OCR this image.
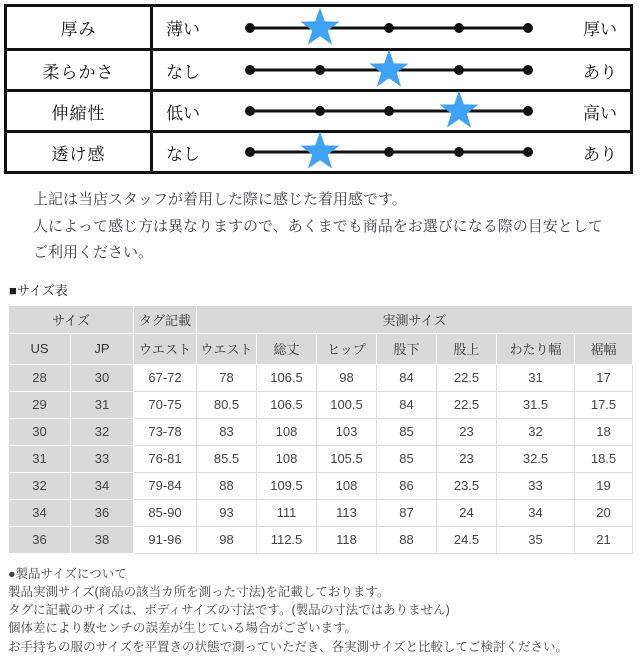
厚み	薄い	厚い
柔らかさ	なし	あり
伸縮性	低い	高い
透け感	なし	あり
上記は当店スタッフが着用した際に感じた着用感です。
人によって感じ方は異なりますので、あくまでも商品をお選びになる際の目安として
ご利用ください。
■サイズ表
サイズ		タグ記載	実測サイズ						
US	JP	ウエスト	ウエスト	総丈	ヒップ	股下	股上	わたり幅	裾幅
28	30	67-72	78	106.5	98	84	22.5	31	17
29	31	70-75	80.5	106.5	100.5	84	22.5	31.5	17.5
30	32	73-78	83	108	103	85	23	32	18
31	33	76-81	85.5	108	105.5	85	23	32.5	18.5
32	34	79-84	88	109.5	108	86	23.5	33	19
34	36	85-90	93	111	113	87	24	34	20
36	38	91-96	98	112.5	118	88	24.5	35	21
●製品サイズについて
製品実測サイズ(商品の該当カ所を測った寸法)を記載しております。
タグに記載のサイズは、ボディサイズの寸法です。(製品の寸法ではありません)
個体差により数センチの誤差が生じている場合がございます。
お手持ちの服のサイズを平置きの状態で測っていただき、各実測サイズと比較してご検討ください。
